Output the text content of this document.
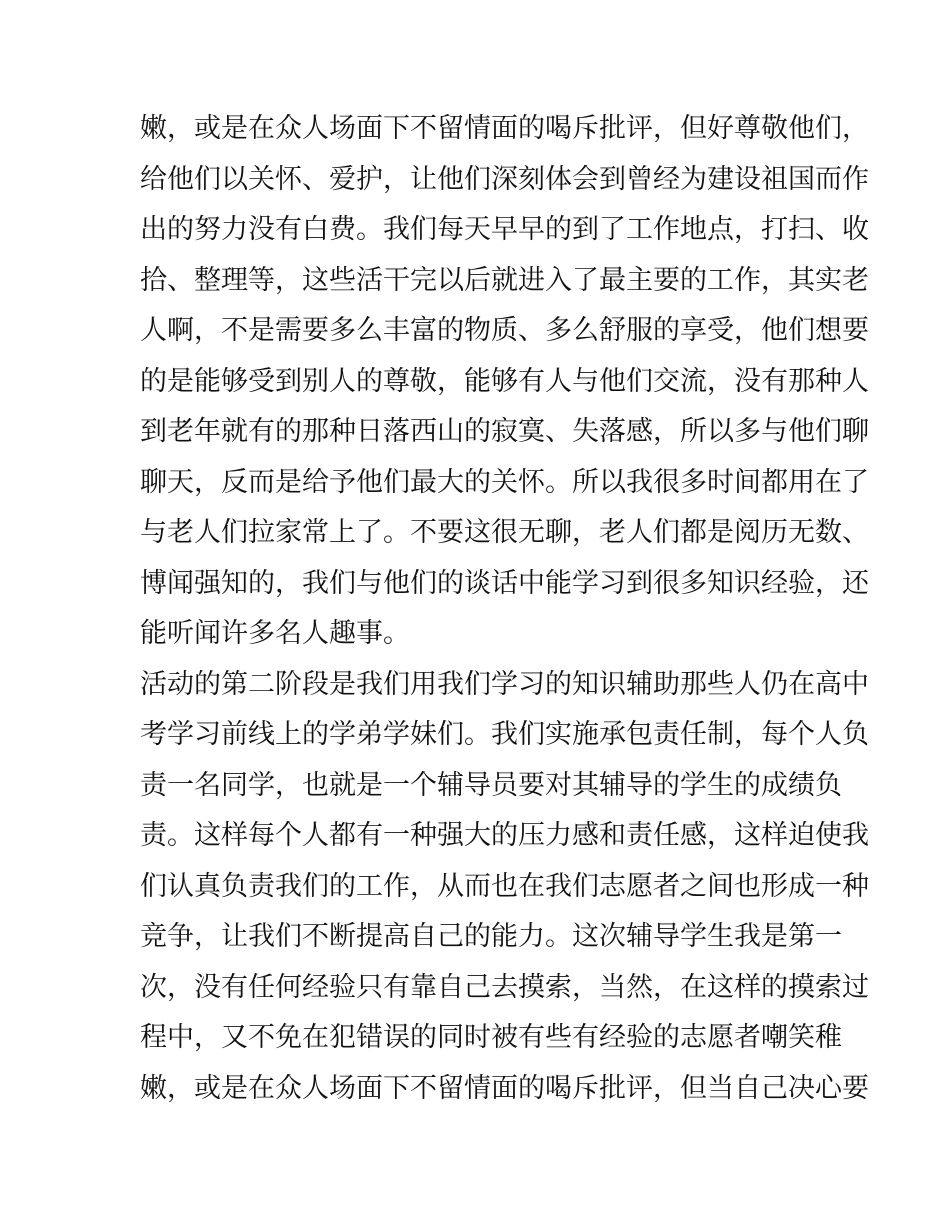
嫩，或是在众人场面下不留情面的喝斥批评，但好尊敬他们，
给他们以关怀、爱护，让他们深刻体会到曾经为建设祖国而作
出的努力没有白费。我们每天早早的到了工作地点，打扫、收
拾、整理等，这些活干完以后就进入了最主要的工作，其实老
人啊，不是需要多么丰富的物质、多么舒服的享受，他们想要
的是能够受到别人的尊敬，能够有人与他们交流，没有那种人
到老年就有的那种日落西山的寂寞、失落感，所以多与他们聊
聊天，反而是给予他们最大的关怀。所以我很多时间都用在了
与老人们拉家常上了。不要这很无聊，老人们都是阅历无数、
博闻强知的，我们与他们的谈话中能学习到很多知识经验，还
能听闻许多名人趣事。
活动的第二阶段是我们用我们学习的知识辅助那些人仍在高中
考学习前线上的学弟学妹们。我们实施承包责任制，每个人负
责一名同学，也就是一个辅导员要对其辅导的学生的成绩负
责。这样每个人都有一种强大的压力感和责任感，这样迫使我
们认真负责我们的工作，从而也在我们志愿者之间也形成一种
竞争，让我们不断提高自己的能力。这次辅导学生我是第一
次，没有任何经验只有靠自己去摸索，当然，在这样的摸索过
程中，又不免在犯错误的同时被有些有经验的志愿者嘲笑稚
嫩，或是在众人场面下不留情面的喝斥批评，但当自己决心要
